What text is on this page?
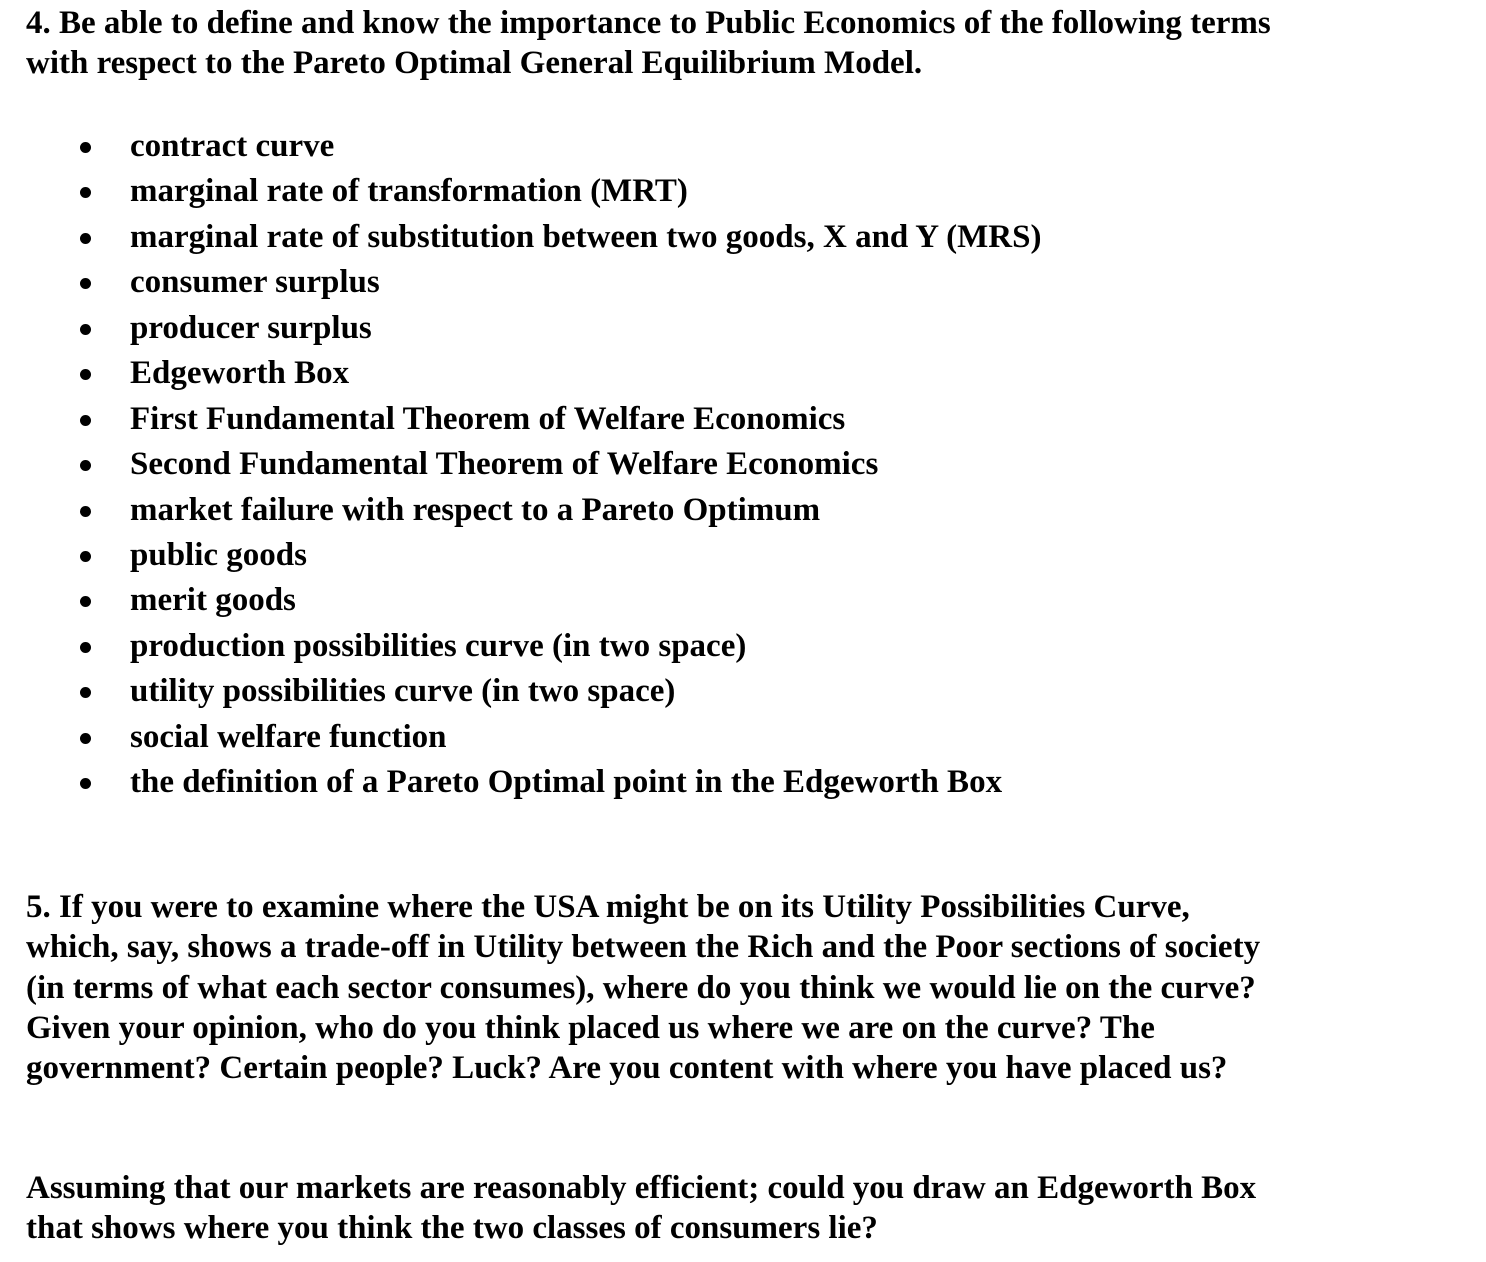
4. Be able to define and know the importance to Public Economics of the following terms with respect to the Pareto Optimal General Equilibrium Model.

contract curve
marginal rate of transformation (MRT)
marginal rate of substitution between two goods, X and Y (MRS)
consumer surplus
producer surplus
Edgeworth Box
First Fundamental Theorem of Welfare Economics
Second Fundamental Theorem of Welfare Economics
market failure with respect to a Pareto Optimum
public goods
merit goods
production possibilities curve (in two space)
utility possibilities curve (in two space)
social welfare function
the definition of a Pareto Optimal point in the Edgeworth Box

5. If you were to examine where the USA might be on its Utility Possibilities Curve, which, say, shows a trade-off in Utility between the Rich and the Poor sections of society (in terms of what each sector consumes), where do you think we would lie on the curve? Given your opinion, who do you think placed us where we are on the curve? The government? Certain people? Luck? Are you content with where you have placed us?

Assuming that our markets are reasonably efficient; could you draw an Edgeworth Box that shows where you think the two classes of consumers lie?
